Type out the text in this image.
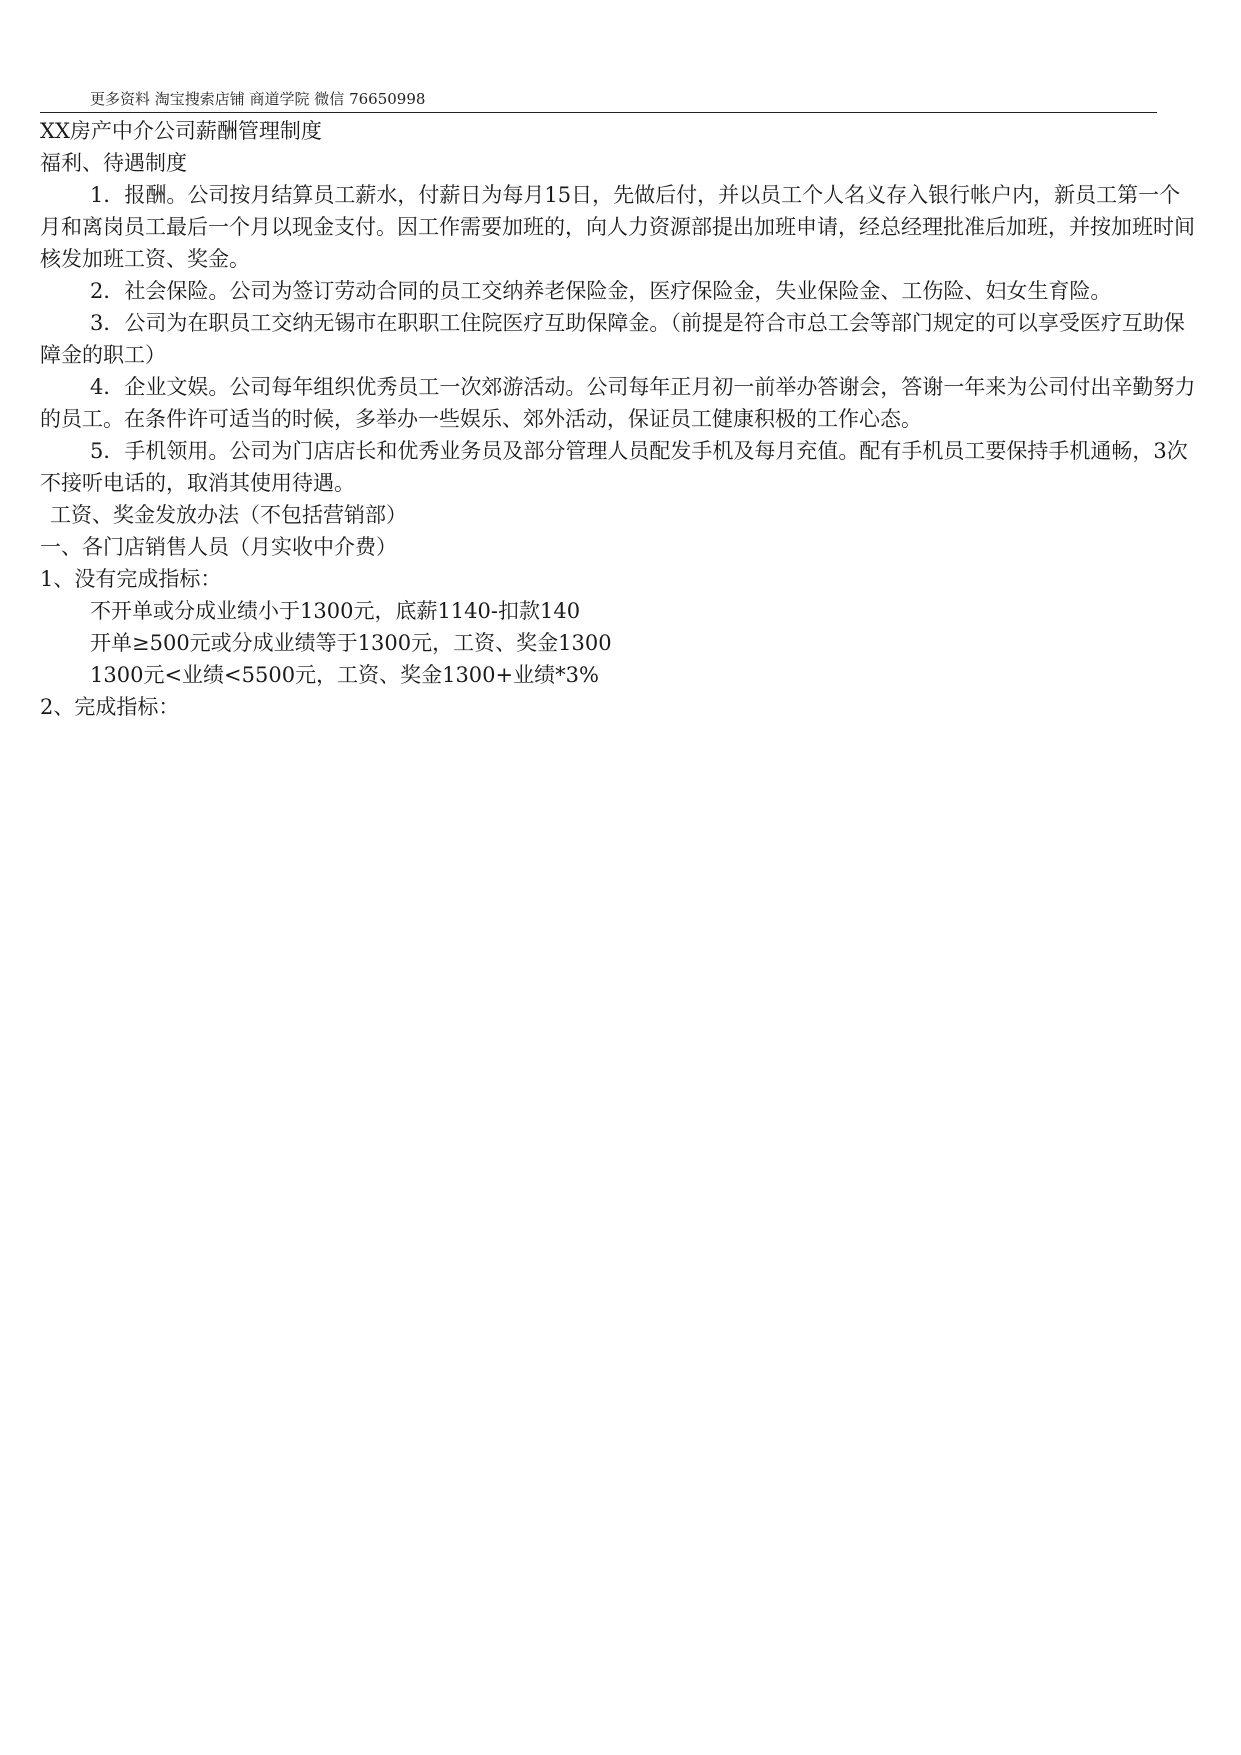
更多资料 淘宝搜索店铺 商道学院 微信 76650998

XX房产中介公司薪酬管理制度

福利、待遇制度

1．报酬。公司按月结算员工薪水，付薪日为每月15日，先做后付，并以员工个人名义存入银行帐户内，新员工第一个月和离岗员工最后一个月以现金支付。因工作需要加班的，向人力资源部提出加班申请，经总经理批准后加班，并按加班时间核发加班工资、奖金。

2．社会保险。公司为签订劳动合同的员工交纳养老保险金，医疗保险金，失业保险金、工伤险、妇女生育险。

3．公司为在职员工交纳无锡市在职职工住院医疗互助保障金。（前提是符合市总工会等部门规定的可以享受医疗互助保障金的职工）

4．企业文娱。公司每年组织优秀员工一次郊游活动。公司每年正月初一前举办答谢会，答谢一年来为公司付出辛勤努力的员工。在条件许可适当的时候，多举办一些娱乐、郊外活动，保证员工健康积极的工作心态。

5．手机领用。公司为门店店长和优秀业务员及部分管理人员配发手机及每月充值。配有手机员工要保持手机通畅，3次不接听电话的，取消其使用待遇。

工资、奖金发放办法（不包括营销部）

一、各门店销售人员（月实收中介费）

1、没有完成指标：

不开单或分成业绩小于1300元，底薪1140-扣款140

开单≥500元或分成业绩等于1300元，工资、奖金1300

1300元<业绩<5500元，工资、奖金1300+业绩*3%

2、完成指标：
